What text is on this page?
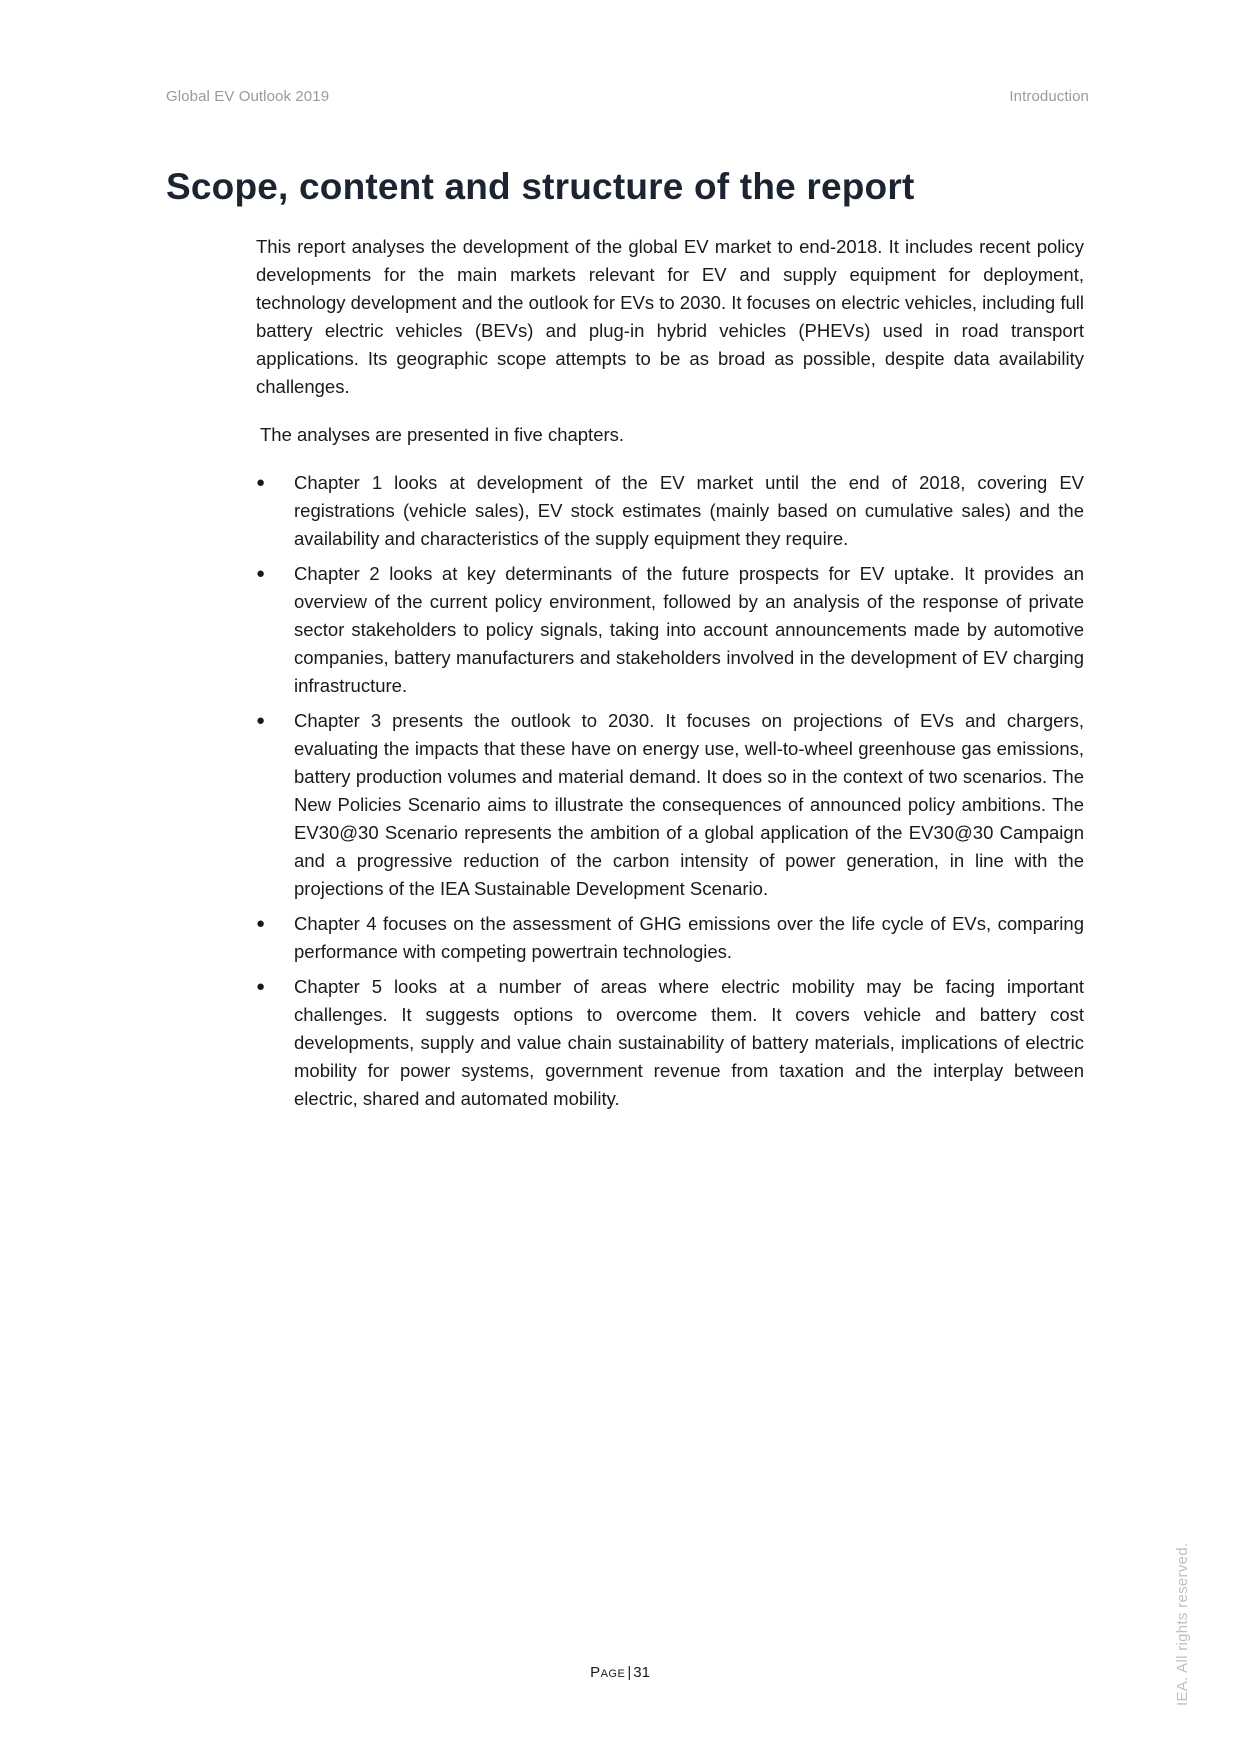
Global EV Outlook 2019	Introduction
Scope, content and structure of the report

This report analyses the development of the global EV market to end-2018. It includes recent policy developments for the main markets relevant for EV and supply equipment for deployment, technology development and the outlook for EVs to 2030. It focuses on electric vehicles, including full battery electric vehicles (BEVs) and plug-in hybrid vehicles (PHEVs) used in road transport applications. Its geographic scope attempts to be as broad as possible, despite data availability challenges.

The analyses are presented in five chapters.

●	Chapter 1 looks at development of the EV market until the end of 2018, covering EV registrations (vehicle sales), EV stock estimates (mainly based on cumulative sales) and the availability and characteristics of the supply equipment they require.
●	Chapter 2 looks at key determinants of the future prospects for EV uptake. It provides an overview of the current policy environment, followed by an analysis of the response of private sector stakeholders to policy signals, taking into account announcements made by automotive companies, battery manufacturers and stakeholders involved in the development of EV charging infrastructure.
●	Chapter 3 presents the outlook to 2030. It focuses on projections of EVs and chargers, evaluating the impacts that these have on energy use, well-to-wheel greenhouse gas emissions, battery production volumes and material demand. It does so in the context of two scenarios. The New Policies Scenario aims to illustrate the consequences of announced policy ambitions. The EV30@30 Scenario represents the ambition of a global application of the EV30@30 Campaign and a progressive reduction of the carbon intensity of power generation, in line with the projections of the IEA Sustainable Development Scenario.
●	Chapter 4 focuses on the assessment of GHG emissions over the life cycle of EVs, comparing performance with competing powertrain technologies.
●	Chapter 5 looks at a number of areas where electric mobility may be facing important challenges. It suggests options to overcome them. It covers vehicle and battery cost developments, supply and value chain sustainability of battery materials, implications of electric mobility for power systems, government revenue from taxation and the interplay between electric, shared and automated mobility.
Page | 31	IEA. All rights reserved.
